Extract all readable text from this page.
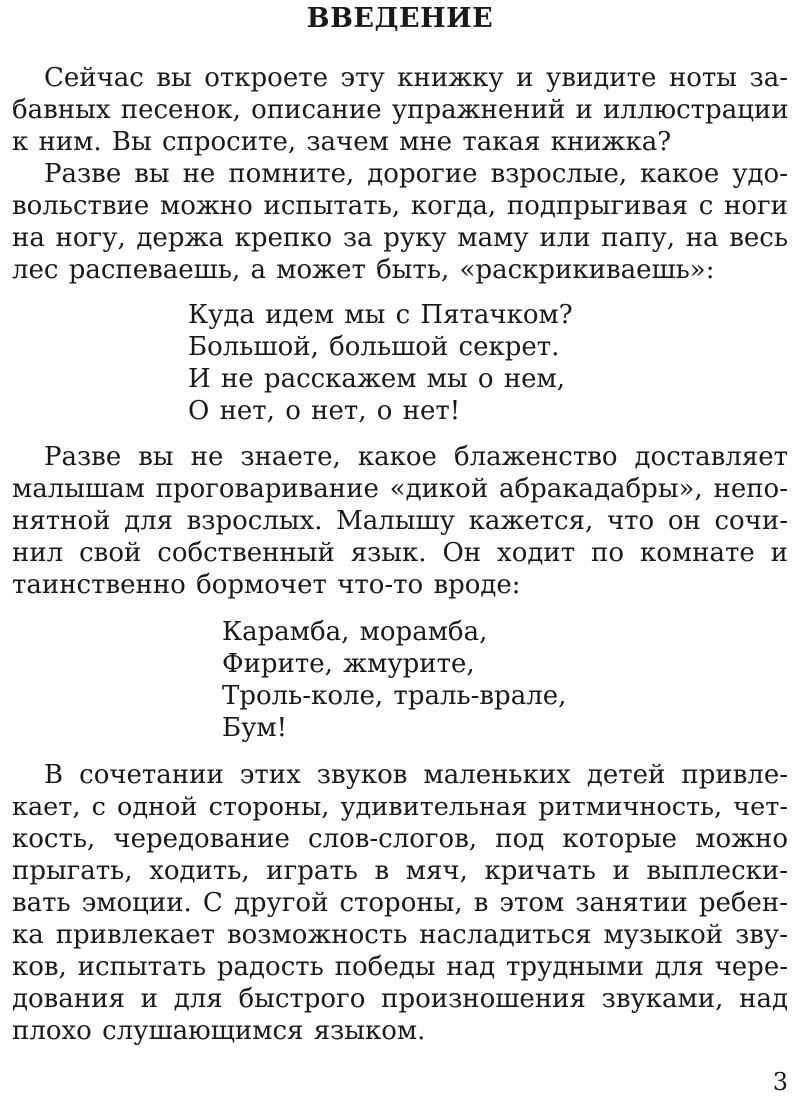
ВВЕДЕНИЕ
Сейчас вы откроете эту книжку и увидите ноты за-
бавных песенок, описание упражнений и иллюстрации
к ним. Вы спросите, зачем мне такая книжка?
Разве вы не помните, дорогие взрослые, какое удо-
вольствие можно испытать, когда, подпрыгивая с ноги
на ногу, держа крепко за руку маму или папу, на весь
лес распеваешь, а может быть, «раскрикиваешь»:
Куда идем мы с Пятачком?
Большой, большой секрет.
И не расскажем мы о нем,
О нет, о нет, о нет!
Разве вы не знаете, какое блаженство доставляет
малышам проговаривание «дикой абракадабры», непо-
нятной для взрослых. Малышу кажется, что он сочи-
нил свой собственный язык. Он ходит по комнате и
таинственно бормочет что-то вроде:
Карамба, морамба,
Фирите, жмурите,
Троль-коле, траль-врале,
Бум!
В сочетании этих звуков маленьких детей привле-
кает, с одной стороны, удивительная ритмичность, чет-
кость, чередование слов-слогов, под которые можно
прыгать, ходить, играть в мяч, кричать и выплески-
вать эмоции. С другой стороны, в этом занятии ребен-
ка привлекает возможность насладиться музыкой зву-
ков, испытать радость победы над трудными для чере-
дования и для быстрого произношения звуками, над
плохо слушающимся языком.
3
